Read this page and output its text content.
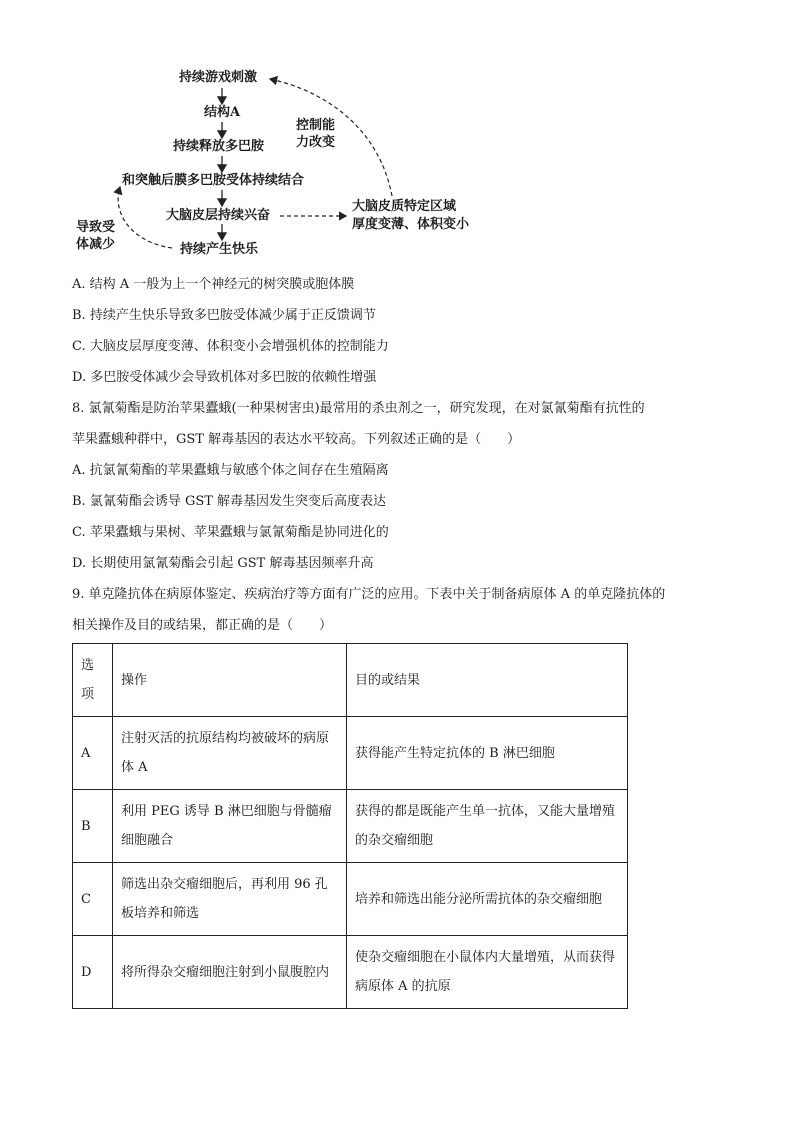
持续游戏刺激
结构A
持续释放多巴胺
和突触后膜多巴胺受体持续结合
大脑皮层持续兴奋
持续产生快乐
大脑皮质特定区域
厚度变薄、体积变小
控制能
力改变
导致受
体减少
A. 结构 A 一般为上一个神经元的树突膜或胞体膜
B. 持续产生快乐导致多巴胺受体减少属于正反馈调节
C. 大脑皮层厚度变薄、体积变小会增强机体的控制能力
D. 多巴胺受体减少会导致机体对多巴胺的依赖性增强
8. 氯氰菊酯是防治苹果蠹蛾(一种果树害虫)最常用的杀虫剂之一，研究发现，在对氯氰菊酯有抗性的
苹果蠹蛾种群中，GST 解毒基因的表达水平较高。下列叙述正确的是（　　）
A. 抗氯氰菊酯的苹果蠹蛾与敏感个体之间存在生殖隔离
B. 氯氰菊酯会诱导 GST 解毒基因发生突变后高度表达
C. 苹果蠹蛾与果树、苹果蠹蛾与氯氰菊酯是协同进化的
D. 长期使用氯氰菊酯会引起 GST 解毒基因频率升高
9. 单克隆抗体在病原体鉴定、疾病治疗等方面有广泛的应用。下表中关于制备病原体 A 的单克隆抗体的
相关操作及目的或结果，都正确的是（　　）
选项	操作	目的或结果
A	注射灭活的抗原结构均被破坏的病原体 A	获得能产生特定抗体的 B 淋巴细胞
B	利用 PEG 诱导 B 淋巴细胞与骨髓瘤细胞融合	获得的都是既能产生单一抗体，又能大量增殖的杂交瘤细胞
C	筛选出杂交瘤细胞后，再利用 96 孔板培养和筛选	培养和筛选出能分泌所需抗体的杂交瘤细胞
D	将所得杂交瘤细胞注射到小鼠腹腔内	使杂交瘤细胞在小鼠体内大量增殖，从而获得病原体 A 的抗原
